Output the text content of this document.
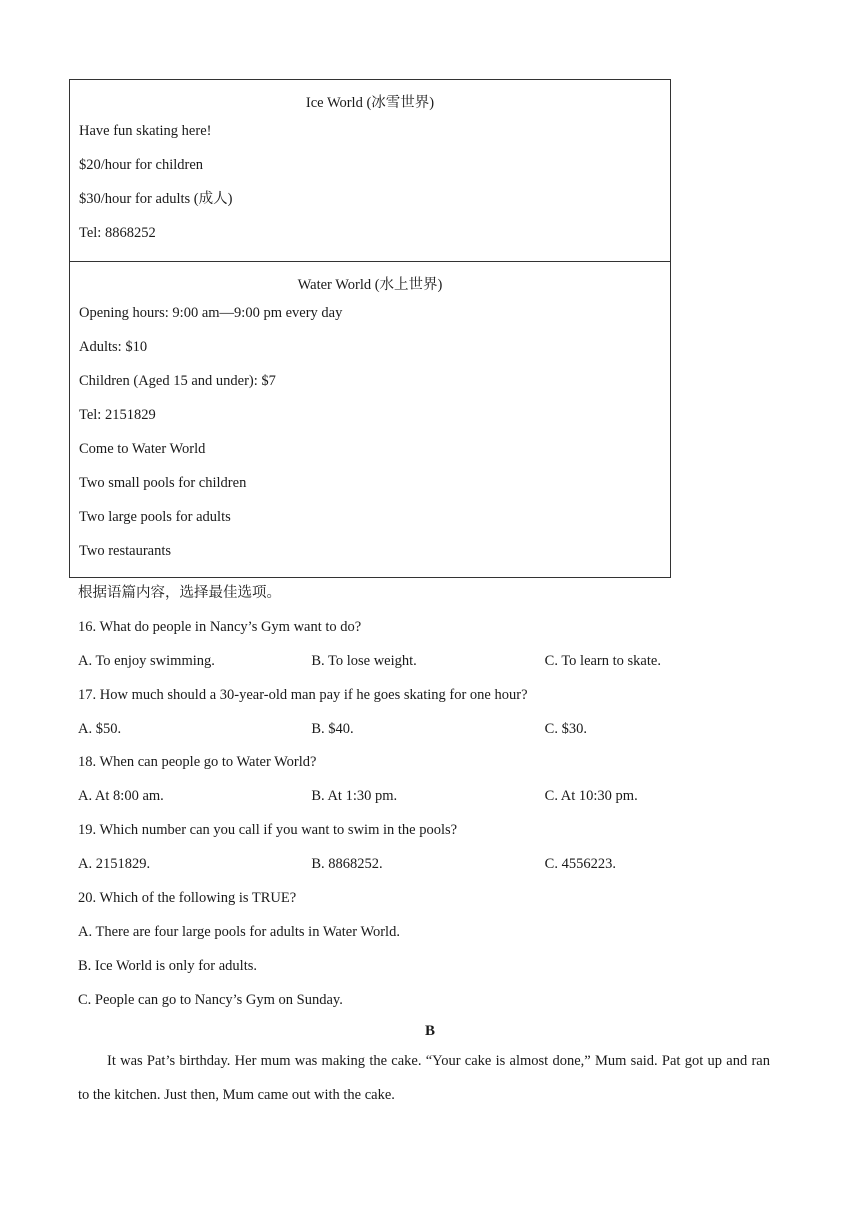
Ice World (冰雪世界)
Have fun skating here!
$20/hour for children
$30/hour for adults (成人)
Tel: 8868252
Water World (水上世界)
Opening hours: 9:00 am—9:00 pm every day
Adults: $10
Children (Aged 15 and under): $7
Tel: 2151829
Come to Water World
Two small pools for children
Two large pools for adults
Two restaurants
根据语篇内容，选择最佳选项。
16. What do people in Nancy’s Gym want to do?
A. To enjoy swimming.	B. To lose weight.	C. To learn to skate.
17. How much should a 30-year-old man pay if he goes skating for one hour?
A. $50.	B. $40.	C. $30.
18. When can people go to Water World?
A. At 8:00 am.	B. At 1:30 pm.	C. At 10:30 pm.
19. Which number can you call if you want to swim in the pools?
A. 2151829.	B. 8868252.	C. 4556223.
20. Which of the following is TRUE?
A. There are four large pools for adults in Water World.
B. Ice World is only for adults.
C. People can go to Nancy’s Gym on Sunday.
B

It was Pat’s birthday. Her mum was making the cake. “Your cake is almost done,” Mum said. Pat got up and ran to the kitchen. Just then, Mum came out with the cake.
